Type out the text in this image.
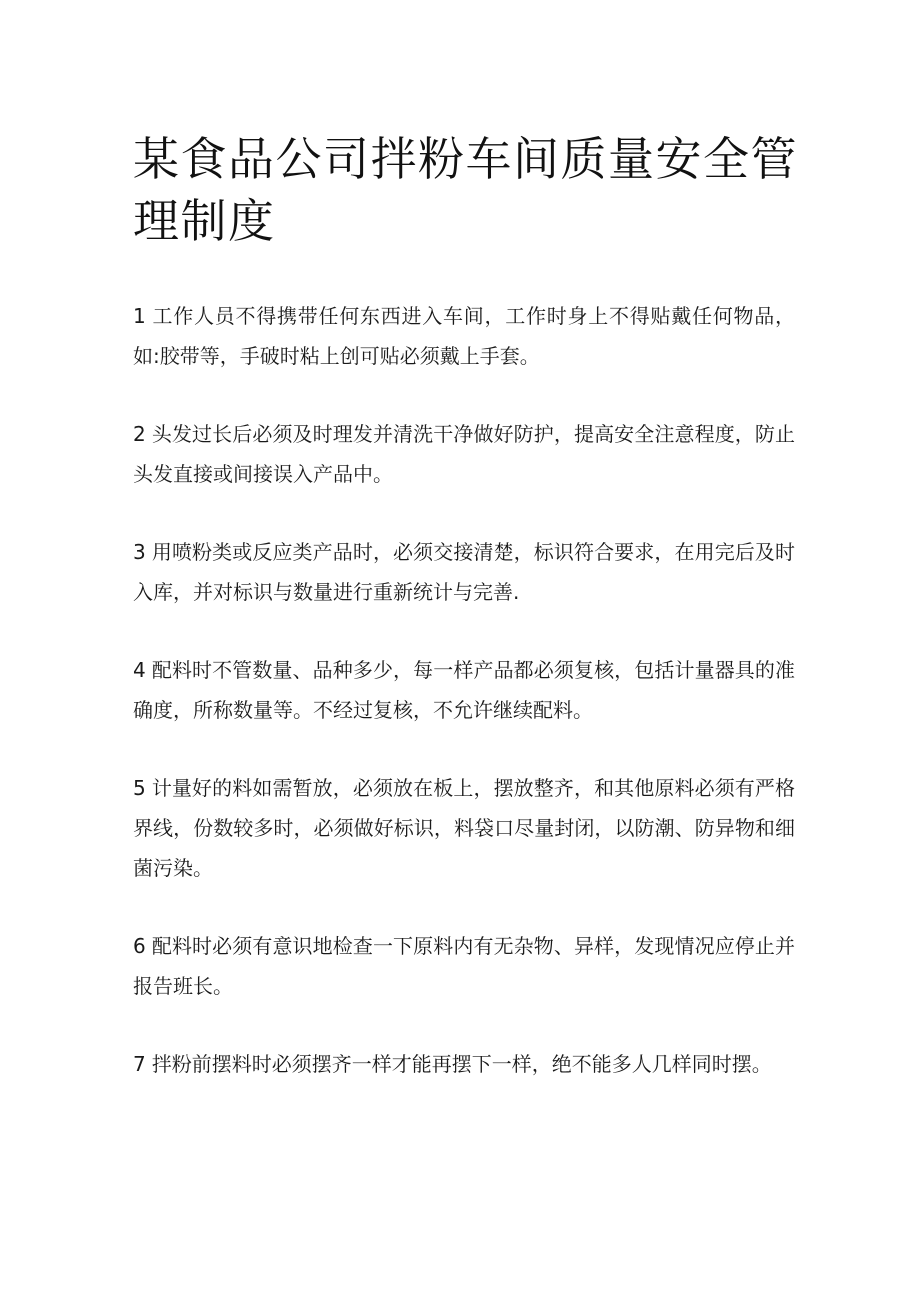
某食品公司拌粉车间质量安全管理制度
1 工作人员不得携带任何东西进入车间，工作时身上不得贴戴任何物品，如:胶带等，手破时粘上创可贴必须戴上手套。
2 头发过长后必须及时理发并清洗干净做好防护，提高安全注意程度，防止头发直接或间接误入产品中。
3 用喷粉类或反应类产品时，必须交接清楚，标识符合要求，在用完后及时入库，并对标识与数量进行重新统计与完善.
4 配料时不管数量、品种多少，每一样产品都必须复核，包括计量器具的准确度，所称数量等。不经过复核，不允许继续配料。
5 计量好的料如需暂放，必须放在板上，摆放整齐，和其他原料必须有严格界线，份数较多时，必须做好标识，料袋口尽量封闭，以防潮、防异物和细菌污染。
6 配料时必须有意识地检查一下原料内有无杂物、异样，发现情况应停止并报告班长。
7 拌粉前摆料时必须摆齐一样才能再摆下一样，绝不能多人几样同时摆。
